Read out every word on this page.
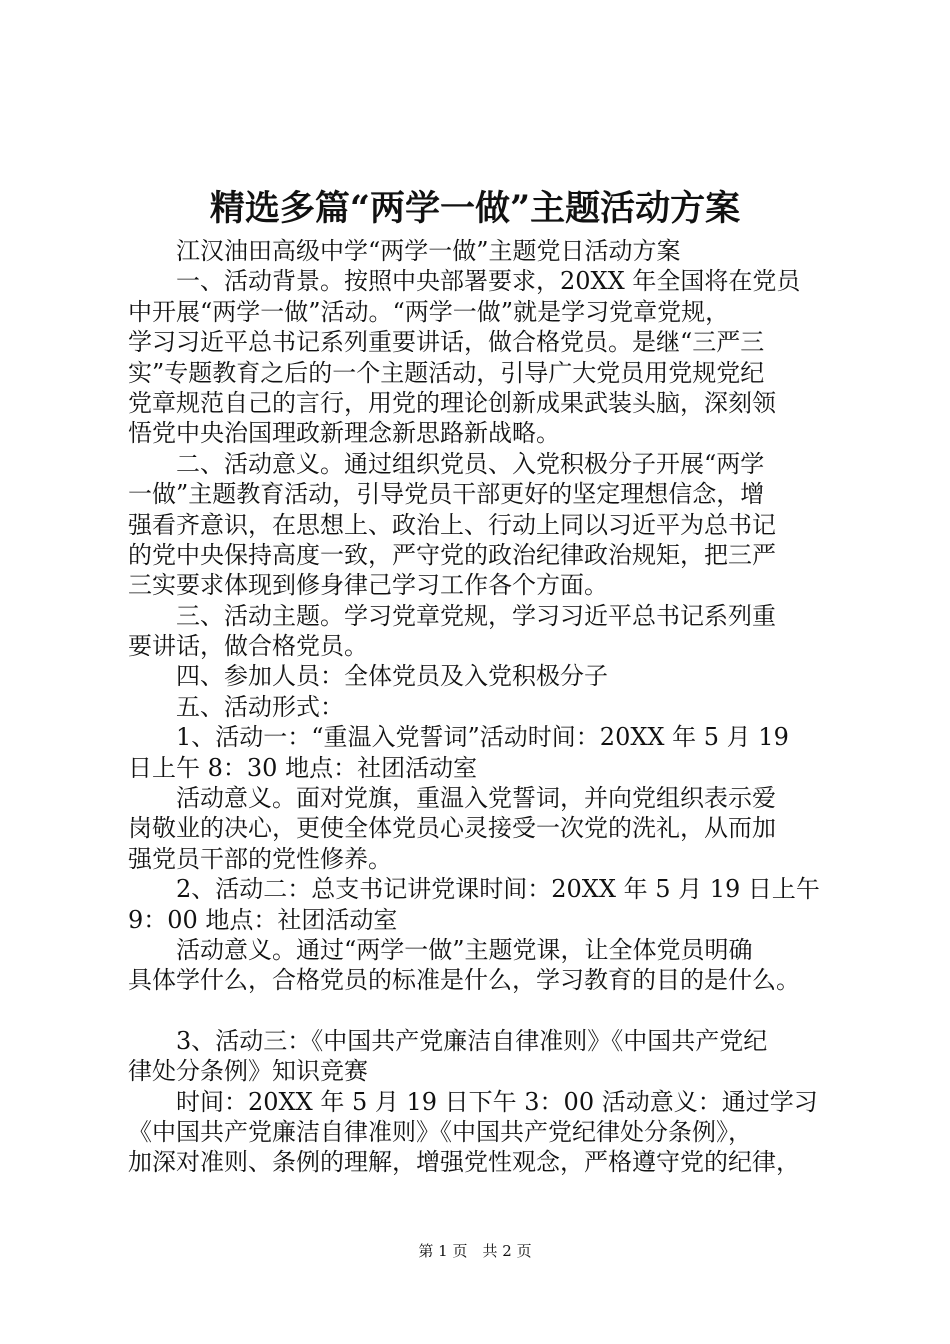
精选多篇“两学一做”主题活动方案
　　江汉油田高级中学“两学一做”主题党日活动方案
　　一、活动背景。按照中央部署要求，20XX 年全国将在党员
中开展“两学一做”活动。“两学一做”就是学习党章党规，
学习习近平总书记系列重要讲话，做合格党员。是继“三严三
实”专题教育之后的一个主题活动，引导广大党员用党规党纪
党章规范自己的言行，用党的理论创新成果武装头脑，深刻领
悟党中央治国理政新理念新思路新战略。
　　二、活动意义。通过组织党员、入党积极分子开展“两学
一做”主题教育活动，引导党员干部更好的坚定理想信念，增
强看齐意识，在思想上、政治上、行动上同以习近平为总书记
的党中央保持高度一致，严守党的政治纪律政治规矩，把三严
三实要求体现到修身律己学习工作各个方面。
　　三、活动主题。学习党章党规，学习习近平总书记系列重
要讲话，做合格党员。
　　四、参加人员：全体党员及入党积极分子
　　五、活动形式：
　　1、活动一：“重温入党誓词”活动时间：20XX 年 5 月 19
日上午 8：30 地点：社团活动室
　　活动意义。面对党旗，重温入党誓词，并向党组织表示爱
岗敬业的决心，更使全体党员心灵接受一次党的洗礼，从而加
强党员干部的党性修养。
　　2、活动二：总支书记讲党课时间：20XX 年 5 月 19 日上午
9：00 地点：社团活动室
　　活动意义。通过“两学一做”主题党课，让全体党员明确
具体学什么，合格党员的标准是什么，学习教育的目的是什么。
　　3、活动三：《中国共产党廉洁自律准则》《中国共产党纪
律处分条例》知识竞赛
　　时间：20XX 年 5 月 19 日下午 3：00 活动意义：通过学习
《中国共产党廉洁自律准则》《中国共产党纪律处分条例》，
加深对准则、条例的理解，增强党性观念，严格遵守党的纪律，
第 1 页　共 2 页
